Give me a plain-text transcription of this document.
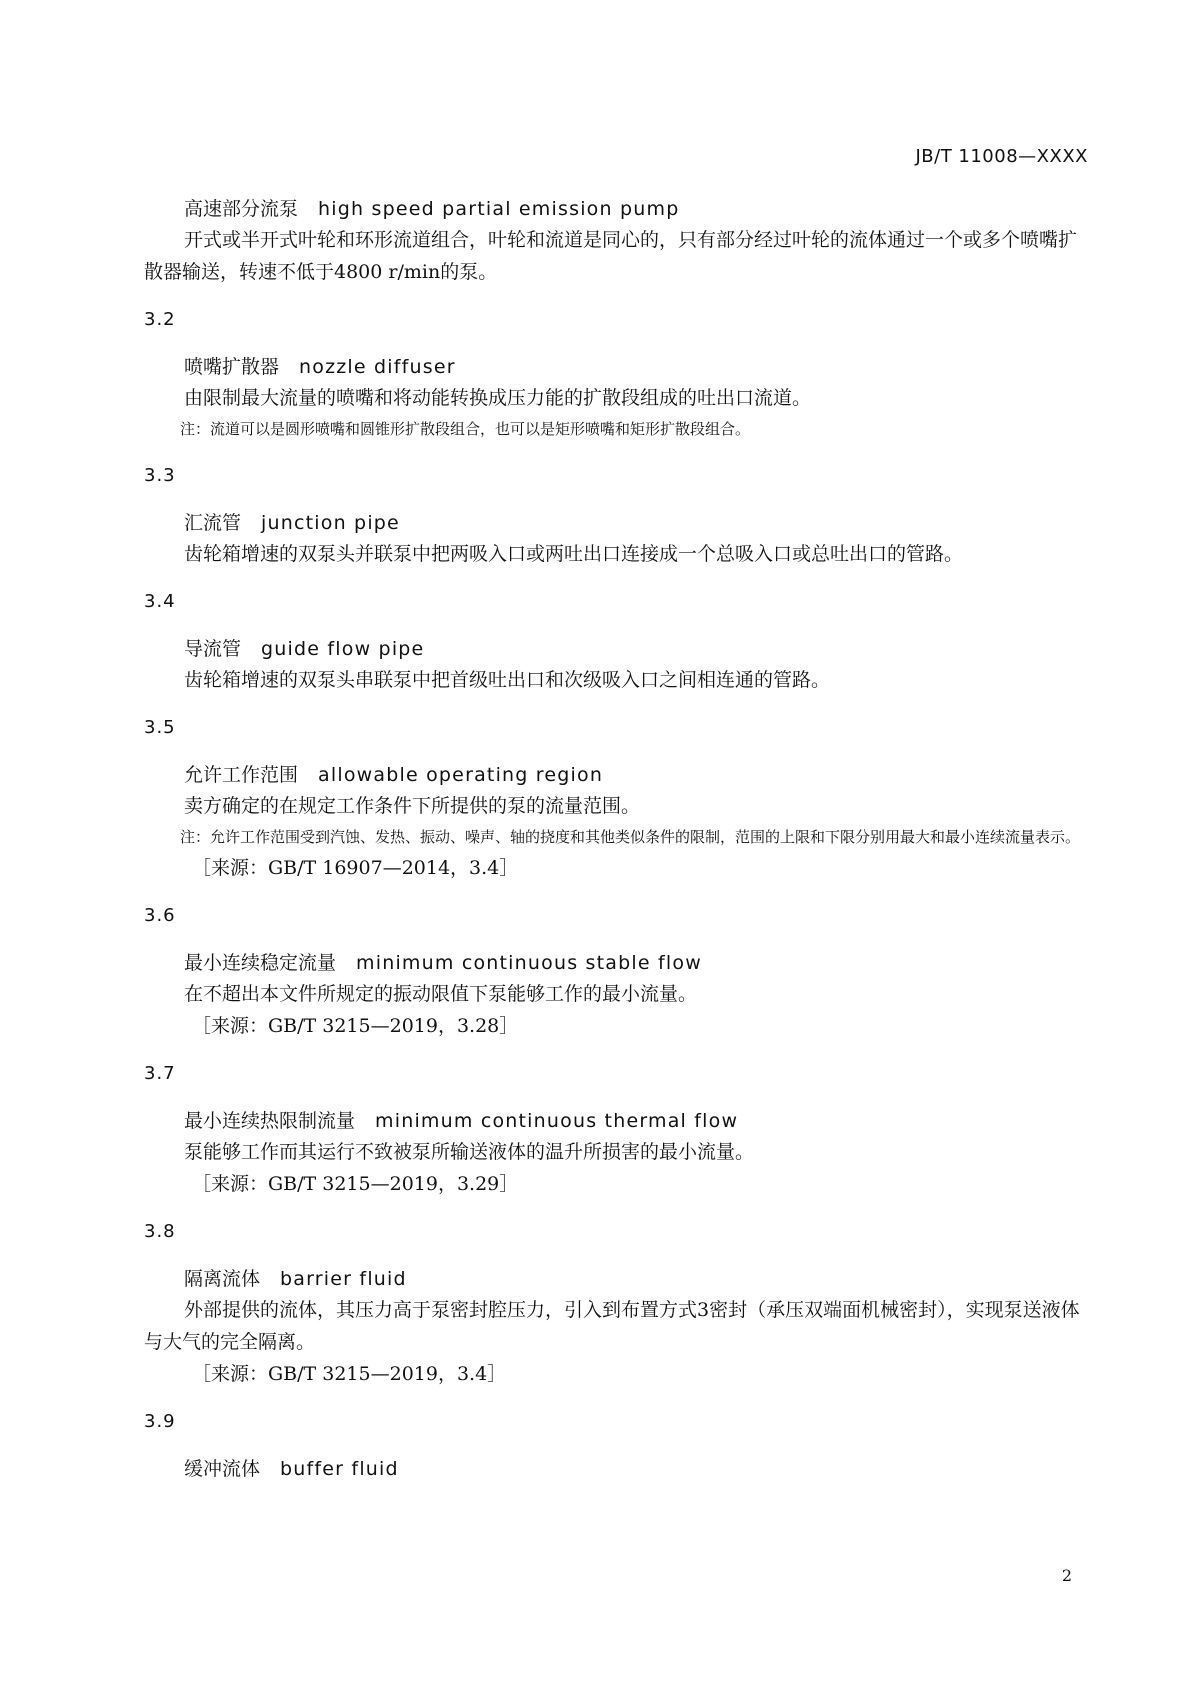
JB/T 11008—XXXX
高速部分流泵 high speed partial emission pump

开式或半开式叶轮和环形流道组合，叶轮和流道是同心的，只有部分经过叶轮的流体通过一个或多个喷嘴扩散器输送，转速不低于4800 r/min的泵。

3.2
喷嘴扩散器 nozzle diffuser

由限制最大流量的喷嘴和将动能转换成压力能的扩散段组成的吐出口流道。

注： 流道可以是圆形喷嘴和圆锥形扩散段组合，也可以是矩形喷嘴和矩形扩散段组合。
3.3
汇流管 junction pipe

齿轮箱增速的双泵头并联泵中把两吸入口或两吐出口连接成一个总吸入口或总吐出口的管路。

3.4
导流管 guide flow pipe

齿轮箱增速的双泵头串联泵中把首级吐出口和次级吸入口之间相连通的管路。

3.5
允许工作范围 allowable operating region

卖方确定的在规定工作条件下所提供的泵的流量范围。

注： 允许工作范围受到汽蚀、发热、振动、噪声、轴的挠度和其他类似条件的限制，范围的上限和下限分别用最大和最小连续流量表示。
［来源：GB/T 16907—2014，3.4］
3.6
最小连续稳定流量 minimum continuous stable flow

在不超出本文件所规定的振动限值下泵能够工作的最小流量。

［来源：GB/T 3215—2019，3.28］
3.7
最小连续热限制流量 minimum continuous thermal flow

泵能够工作而其运行不致被泵所输送液体的温升所损害的最小流量。

［来源：GB/T 3215—2019，3.29］
3.8
隔离流体 barrier fluid

外部提供的流体，其压力高于泵密封腔压力，引入到布置方式3密封（承压双端面机械密封），实现泵送液体与大气的完全隔离。

［来源：GB/T 3215—2019，3.4］
3.9
缓冲流体 buffer fluid
2
